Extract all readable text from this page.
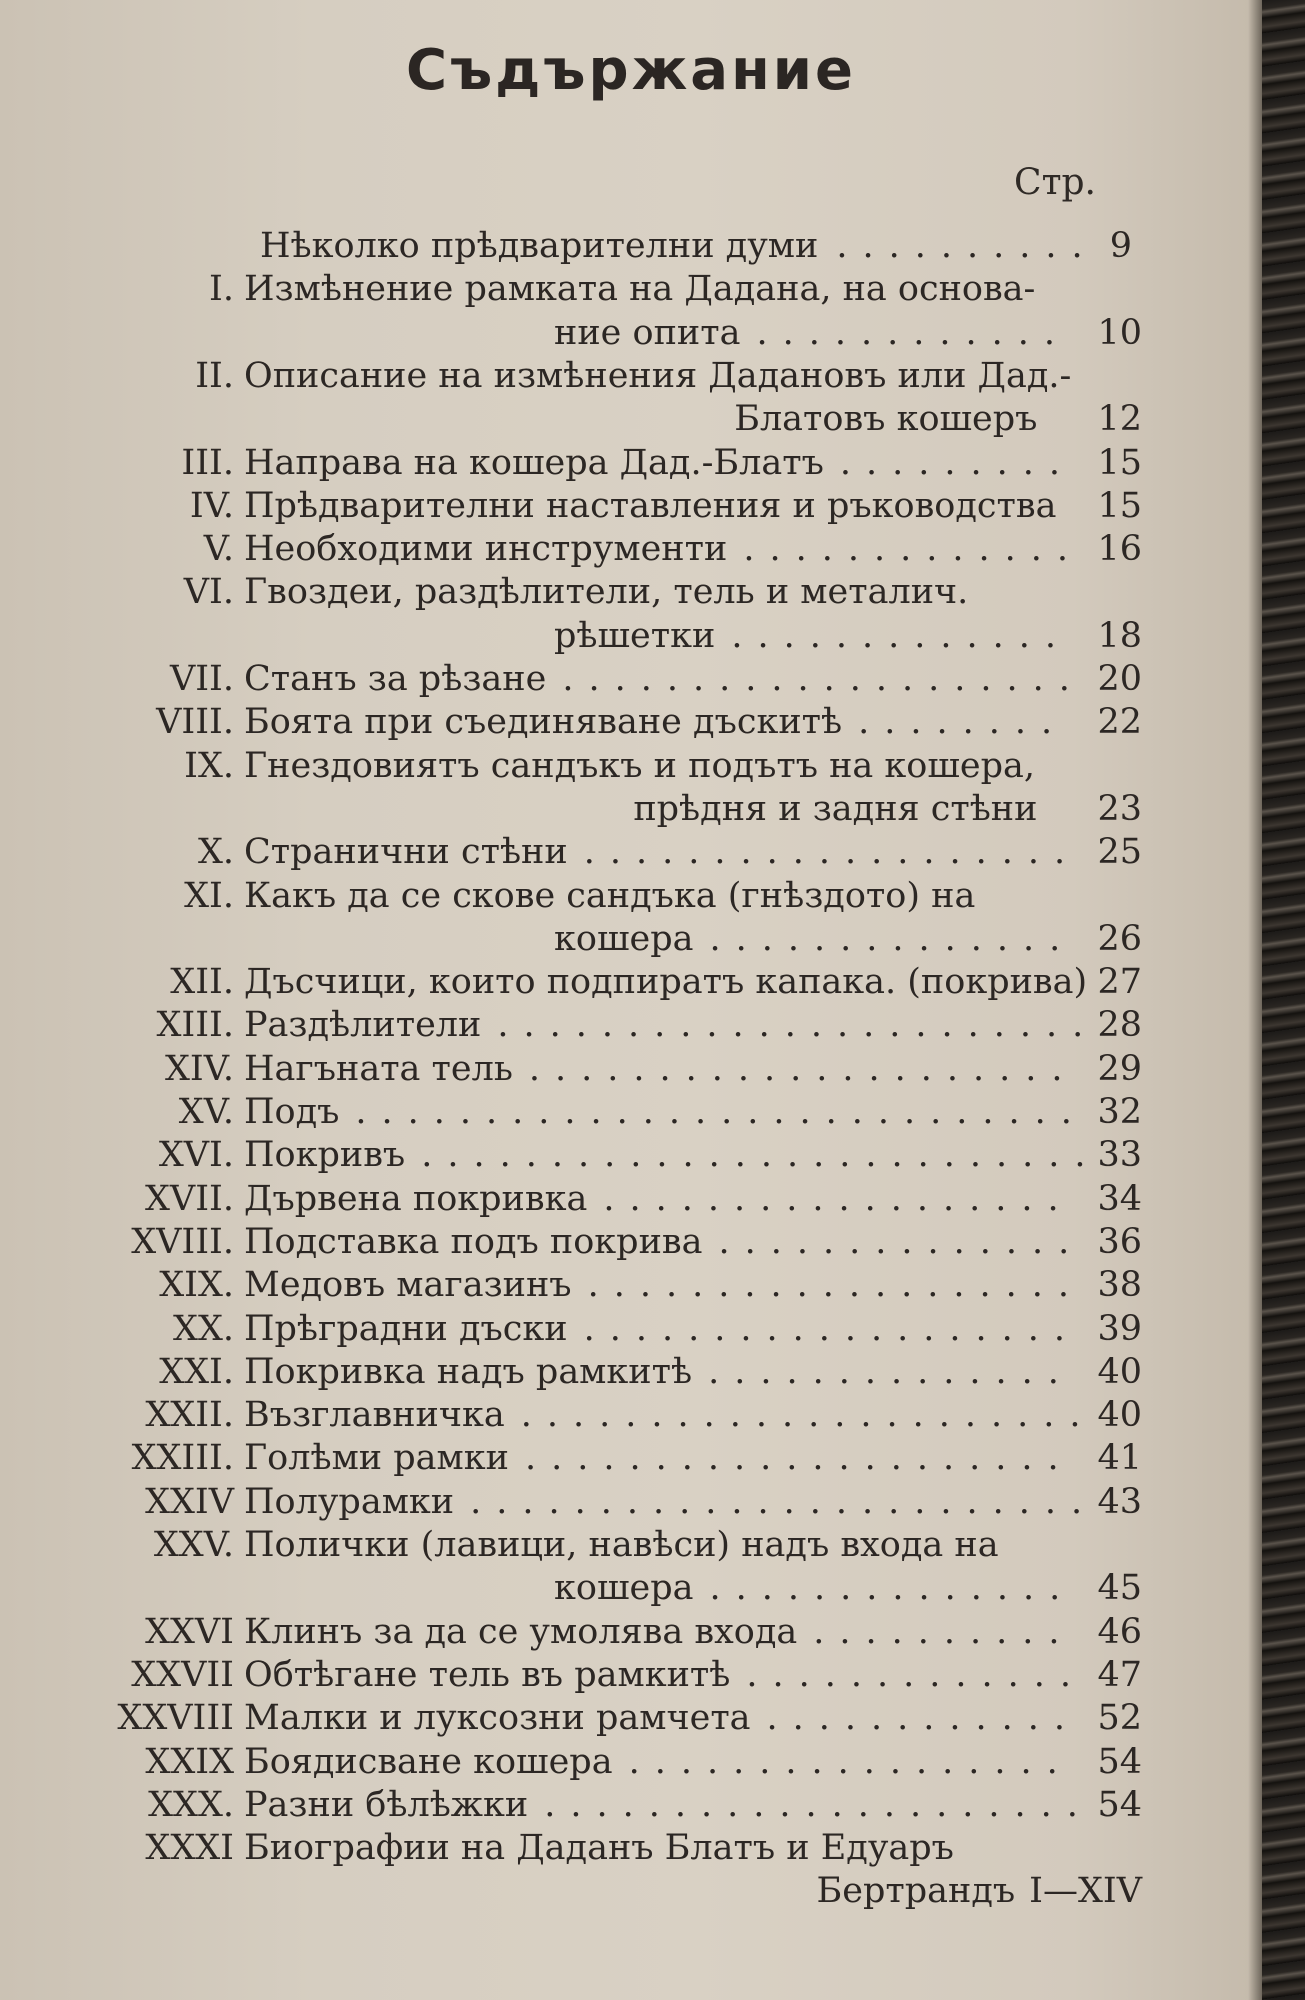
Съдържание
Стр.
Нѣколко прѣдварителни думи	9
..........
I. Измѣнение рамката на Дадана, на основа-
ние опита	10
............
II. Описание на измѣнения Дадановъ или Дад.-
Блатовъ кошеръ 12
III. Направа на кошера Дад.-Блатъ	15
.........
IV. Прѣдварителни наставления и ръководства 15
V. Необходими инструменти	16
.............
VI. Гвоздеи, раздѣлители, тель и металич.
рѣшетки	18
.............
VII. Станъ за рѣзане	20
....................
VIII. Боята при съединяване дъскитѣ	22
........
IX. Гнездовиятъ сандъкъ и подътъ на кошера,
прѣдня и задня стѣни 23
X. Странични стѣни	25
...................
XI. Какъ да се скове сандъка (гнѣздото) на
кошера	26
..............
XII. Дъсчици, които подпиратъ капака. (покрива) 27
XIII. Раздѣлители	28
.......................
XIV. Нагъната тель	29
.....................
XV. Подъ	32
............................
XVI. Покривъ	33
..........................
XVII. Дървена покривка	34
..................
XVIII. Подставка подъ покрива	36
..............
XIX. Медовъ магазинъ	38
...................
XX. Прѣградни дъски	39
...................
XXI. Покривка надъ рамкитѣ	40
..............
XXII. Възглавничка	40
......................
XXIII. Голѣми рамки	41
.....................
XXIV Полурамки	43
........................
XXV. Полички (лавици, навѣси) надъ входа на
кошера	45
..............
XXVI Клинъ за да се умолява входа	46
..........
XXVII Обтѣгане тель въ рамкитѣ	47
.............
XXVIII Малки и луксозни рамчета	52
............
XXIX Боядисване кошера	54
.................
XXX. Разни бѣлѣжки	54
.....................
XXXI Биографии на Даданъ Блатъ и Едуаръ
Бертрандъ I—XIV
